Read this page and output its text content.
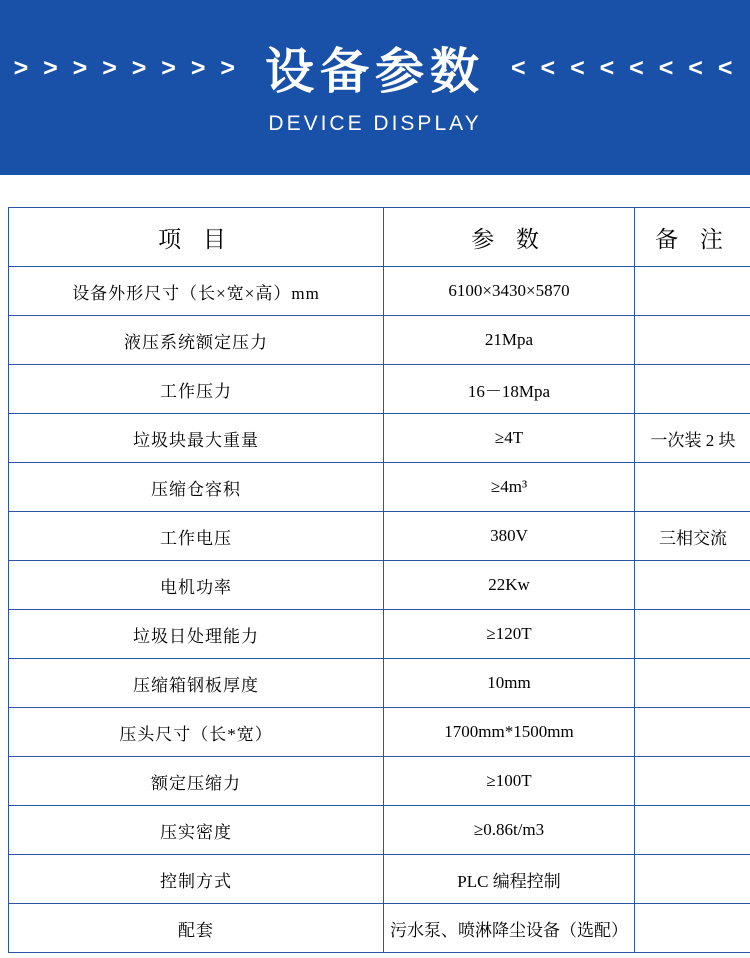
> > > > > > > > 设备参数 < < < < < < < <
DEVICE DISPLAY
项 目	参 数	备 注
设备外形尺寸（长×宽×高）mm	6100×3430×5870	
液压系统额定压力	21Mpa	
工作压力	16－18Mpa	
垃圾块最大重量	≥4T	一次装 2 块
压缩仓容积	≥4m³	
工作电压	380V	三相交流
电机功率	22Kw	
垃圾日处理能力	≥120T	
压缩箱钢板厚度	10mm	
压头尺寸（长*宽）	1700mm*1500mm	
额定压缩力	≥100T	
压实密度	≥0.86t/m3	
控制方式	PLC 编程控制	
配套	污水泵、喷淋降尘设备（选配）	
